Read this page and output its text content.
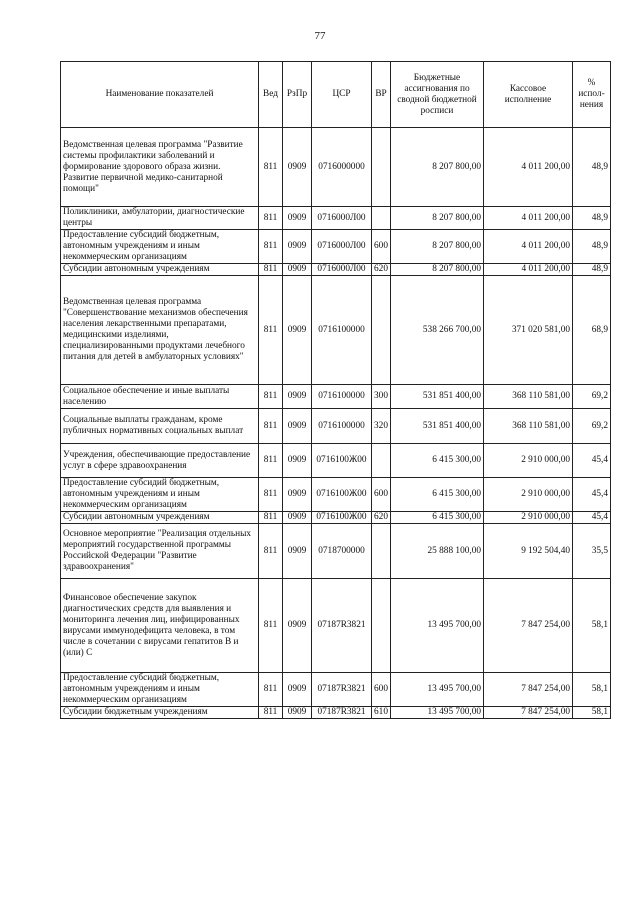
77
Наименование показателей	Вед	РзПр	ЦСР	ВР	Бюджетные ассигнования по сводной бюджетной росписи	Кассовое исполнение	% испол-нения
Ведомственная целевая программа "Развитие системы профилактики заболеваний и формирование здорового образа жизни. Развитие первичной медико-санитарной помощи"	811	0909	0716000000		8 207 800,00	4 011 200,00	48,9
Поликлиники, амбулатории, диагностические центры	811	0909	0716000Л00		8 207 800,00	4 011 200,00	48,9
Предоставление субсидий бюджетным, автономным учреждениям и иным некоммерческим организациям	811	0909	0716000Л00	600	8 207 800,00	4 011 200,00	48,9
Субсидии автономным учреждениям	811	0909	0716000Л00	620	8 207 800,00	4 011 200,00	48,9
Ведомственная целевая программа "Совершенствование механизмов обеспечения населения лекарственными препаратами, медицинскими изделиями, специализированными продуктами лечебного питания для детей в амбулаторных условиях"	811	0909	0716100000		538 266 700,00	371 020 581,00	68,9
Социальное обеспечение и иные выплаты населению	811	0909	0716100000	300	531 851 400,00	368 110 581,00	69,2
Социальные выплаты гражданам, кроме публичных нормативных социальных выплат	811	0909	0716100000	320	531 851 400,00	368 110 581,00	69,2
Учреждения, обеспечивающие предоставление услуг в сфере здравоохранения	811	0909	0716100Ж00		6 415 300,00	2 910 000,00	45,4
Предоставление субсидий бюджетным, автономным учреждениям и иным некоммерческим организациям	811	0909	0716100Ж00	600	6 415 300,00	2 910 000,00	45,4
Субсидии автономным учреждениям	811	0909	0716100Ж00	620	6 415 300,00	2 910 000,00	45,4
Основное мероприятие "Реализация отдельных мероприятий государственной программы Российской Федерации "Развитие здравоохранения"	811	0909	0718700000		25 888 100,00	9 192 504,40	35,5
Финансовое обеспечение закупок диагностических средств для выявления и мониторинга лечения лиц, инфицированных вирусами иммунодефицита человека, в том числе в сочетании с вирусами гепатитов B и (или) C	811	0909	07187R3821		13 495 700,00	7 847 254,00	58,1
Предоставление субсидий бюджетным, автономным учреждениям и иным некоммерческим организациям	811	0909	07187R3821	600	13 495 700,00	7 847 254,00	58,1
Субсидии бюджетным учреждениям	811	0909	07187R3821	610	13 495 700,00	7 847 254,00	58,1
